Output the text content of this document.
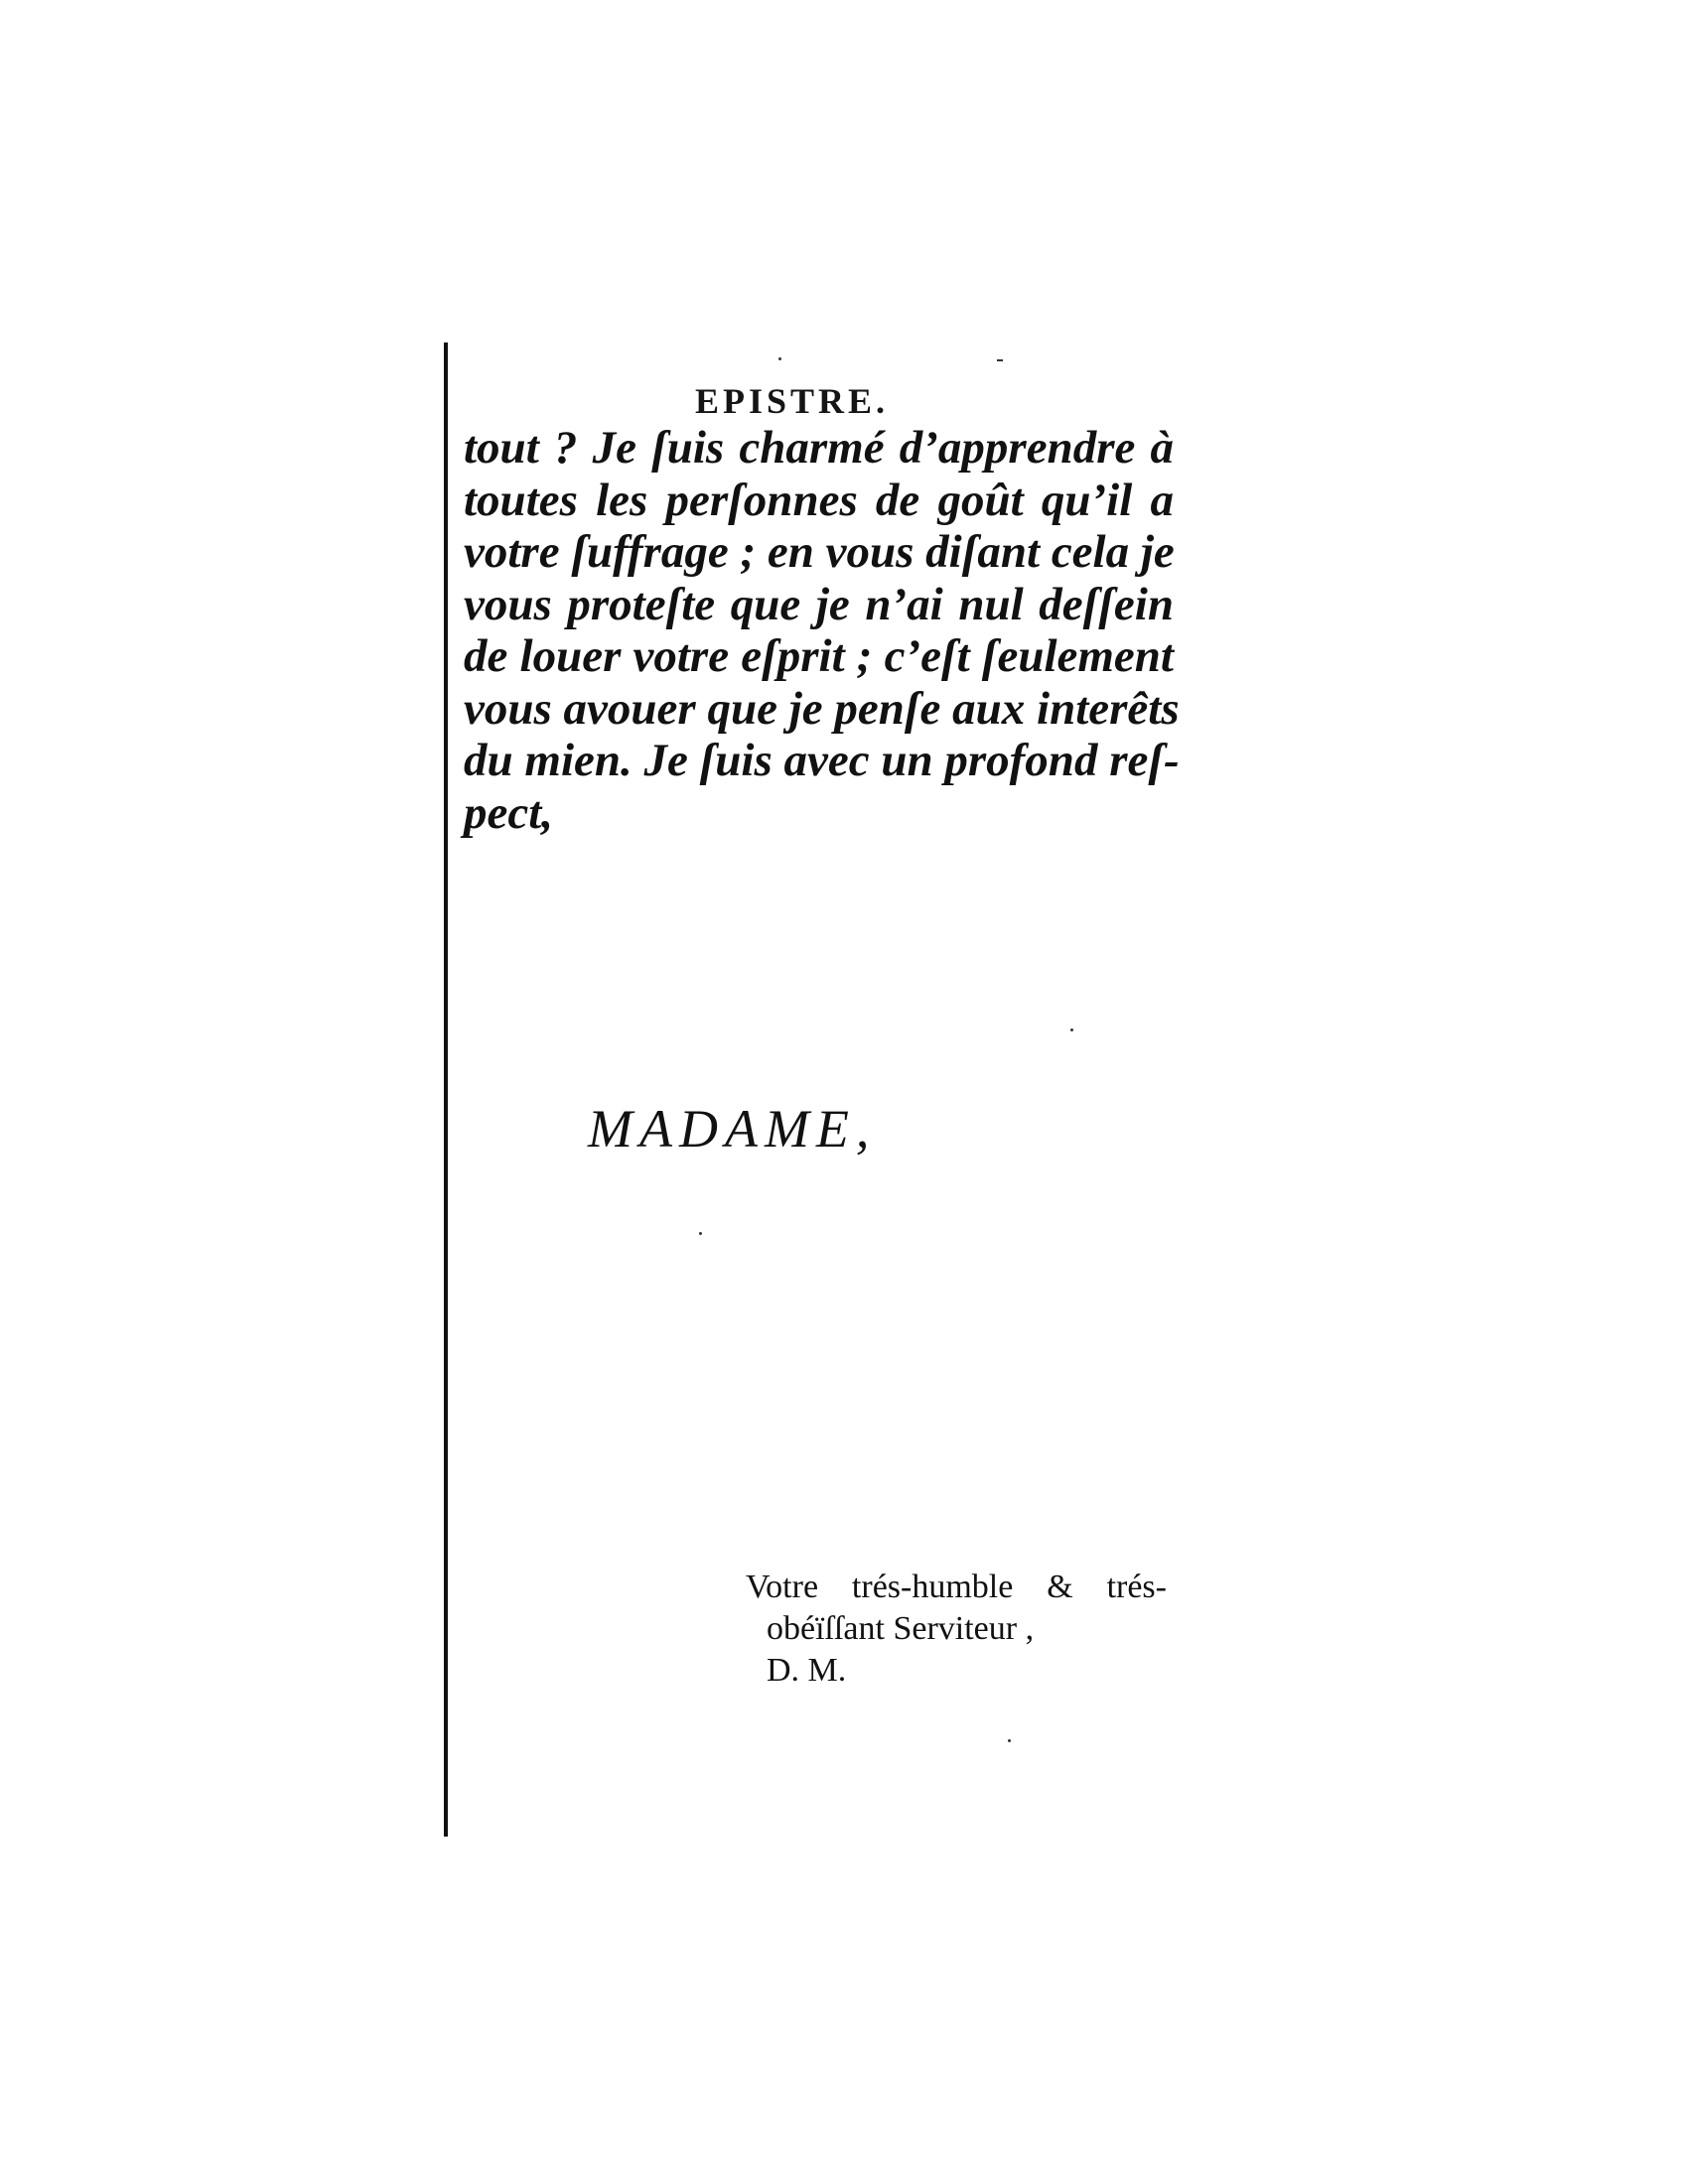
EPISTRE.
tout ? Je ſuis charmé d’apprendre à
toutes les perſonnes de goût qu’il a
votre ſuffrage ; en vous diſant cela je
vous proteſte que je n’ai nul deſſein
de louer votre eſprit ; c’eſt ſeulement
vous avouer que je penſe aux interêts
du mien. Je ſuis avec un profond reſ-
pect,
MADAME,
Votre trés-humble & trés-
obéïſſant Serviteur ,
D. M.
